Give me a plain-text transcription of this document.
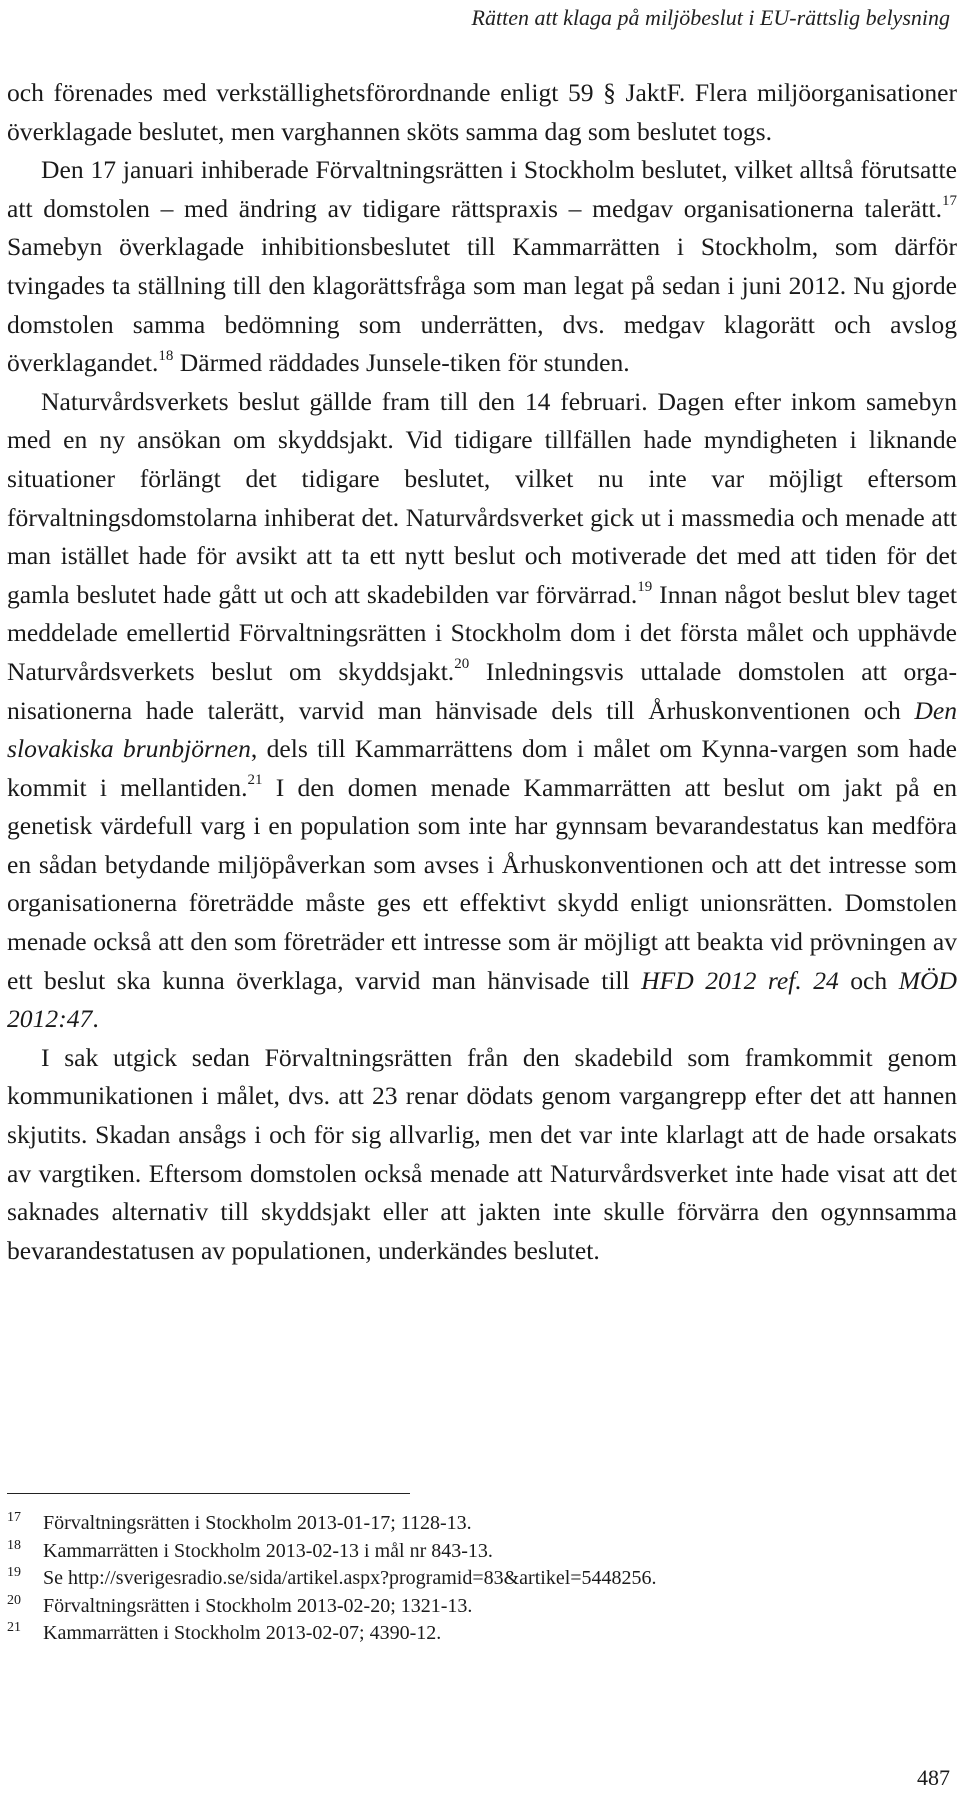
Rätten att klaga på miljöbeslut i EU-rättslig belysning

och förenades med verkställighetsförordnande enligt 59 § JaktF. Flera miljöorganisationer överklagade beslutet, men varghannen sköts samma dag som beslutet togs.

Den 17 januari inhiberade Förvaltningsrätten i Stockholm beslutet, vilket alltså förutsatte att domstolen – med ändring av tidigare rättspraxis – medgav organisationerna talerätt.$^{17}$ Samebyn överklagade inhibitionsbeslutet till Kammarrätten i Stockholm, som därför tvingades ta ställning till den klagorättsfråga som man legat på sedan i juni 2012. Nu gjorde domstolen samma bedömning som underrätten, dvs. medgav klagorätt och avslog överklagandet.$^{18}$ Därmed räddades Junsele-tiken för stunden.

Naturvårdsverkets beslut gällde fram till den 14 februari. Dagen efter inkom samebyn med en ny ansökan om skyddsjakt. Vid tidigare tillfällen hade myndigheten i liknande situationer förlängt det tidigare beslutet, vilket nu inte var möjligt eftersom förvaltningsdomstolarna inhiberat det. Naturvårdsverket gick ut i massmedia och menade att man istället hade för avsikt att ta ett nytt beslut och motiverade det med att tiden för det gamla beslutet hade gått ut och att skadebilden var förvärrad.$^{19}$ Innan något beslut blev taget meddelade emellertid Förvaltningsrätten i Stockholm dom i det första målet och upphävde Naturvårdsverkets beslut om skyddsjakt.$^{20}$ Inledningsvis uttalade domstolen att organisationerna hade talerätt, varvid man hänvisade dels till Århuskonventionen och Den slovakiska brunbjörnen, dels till Kammarrättens dom i målet om Kynna-vargen som hade kommit i mellantiden.$^{21}$ I den domen menade Kammarrätten att beslut om jakt på en genetisk värdefull varg i en population som inte har gynnsam bevarandestatus kan medföra en sådan betydande miljöpåverkan som avses i Århuskonventionen och att det intresse som organisationerna företrädde måste ges ett effektivt skydd enligt unionsrätten. Domstolen menade också att den som företräder ett intresse som är möjligt att beakta vid prövningen av ett beslut ska kunna överklaga, varvid man hänvisade till HFD 2012 ref. 24 och MÖD 2012:47.

I sak utgick sedan Förvaltningsrätten från den skadebild som framkommit genom kommunikationen i målet, dvs. att 23 renar dödats genom vargangrepp efter det att hannen skjutits. Skadan ansågs i och för sig allvarlig, men det var inte klarlagt att de hade orsakats av vargtiken. Eftersom domstolen också menade att Naturvårdsverket inte hade visat att det saknades alternativ till skyddsjakt eller att jakten inte skulle förvärra den ogynnsamma bevarandestatusen av populationen, underkändes beslutet.

17	Förvaltningsrätten i Stockholm 2013-01-17; 1128-13.
18	Kammarrätten i Stockholm 2013-02-13 i mål nr 843-13.
19	Se http://sverigesradio.se/sida/artikel.aspx?programid=83&artikel=5448256.
20	Förvaltningsrätten i Stockholm 2013-02-20; 1321-13.
21	Kammarrätten i Stockholm 2013-02-07; 4390-12.
487
